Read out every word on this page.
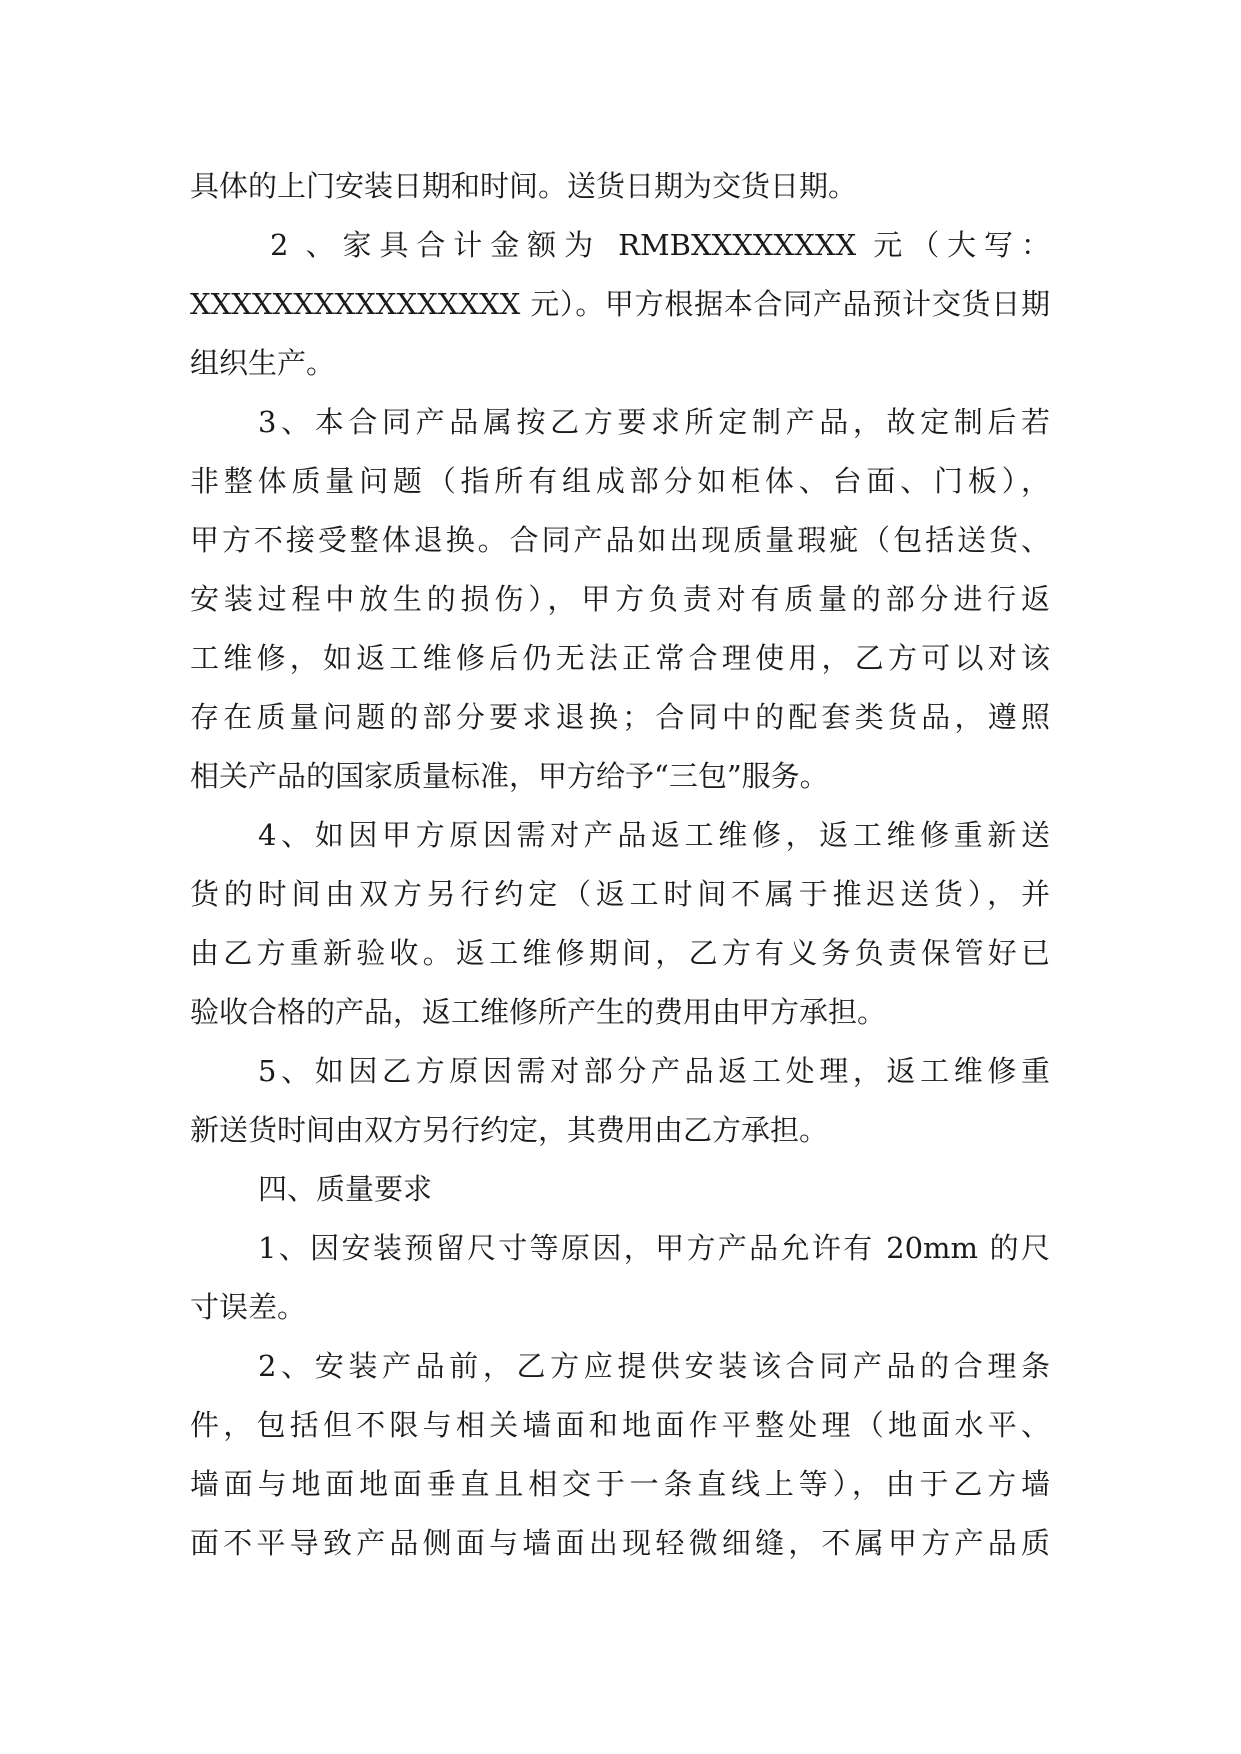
具体的上门安装日期和时间。送货日期为交货日期。

2 、家具合计金额为 RMBXXXXXXXX 元（大写：

XXXXXXXXXXXXXXXX 元）。甲方根据本合同产品预计交货日期

组织生产。

3、本合同产品属按乙方要求所定制产品，故定制后若

非整体质量问题（指所有组成部分如柜体、台面、门板），

甲方不接受整体退换。合同产品如出现质量瑕疵（包括送货、

安装过程中放生的损伤），甲方负责对有质量的部分进行返

工维修，如返工维修后仍无法正常合理使用，乙方可以对该

存在质量问题的部分要求退换；合同中的配套类货品，遵照

相关产品的国家质量标准，甲方给予“三包”服务。

4、如因甲方原因需对产品返工维修，返工维修重新送

货的时间由双方另行约定（返工时间不属于推迟送货），并

由乙方重新验收。返工维修期间，乙方有义务负责保管好已

验收合格的产品，返工维修所产生的费用由甲方承担。

5、如因乙方原因需对部分产品返工处理，返工维修重

新送货时间由双方另行约定，其费用由乙方承担。

四、质量要求

1、因安装预留尺寸等原因，甲方产品允许有 20mm 的尺

寸误差。

2、安装产品前，乙方应提供安装该合同产品的合理条

件，包括但不限与相关墙面和地面作平整处理（地面水平、

墙面与地面地面垂直且相交于一条直线上等），由于乙方墙

面不平导致产品侧面与墙面出现轻微细缝，不属甲方产品质
